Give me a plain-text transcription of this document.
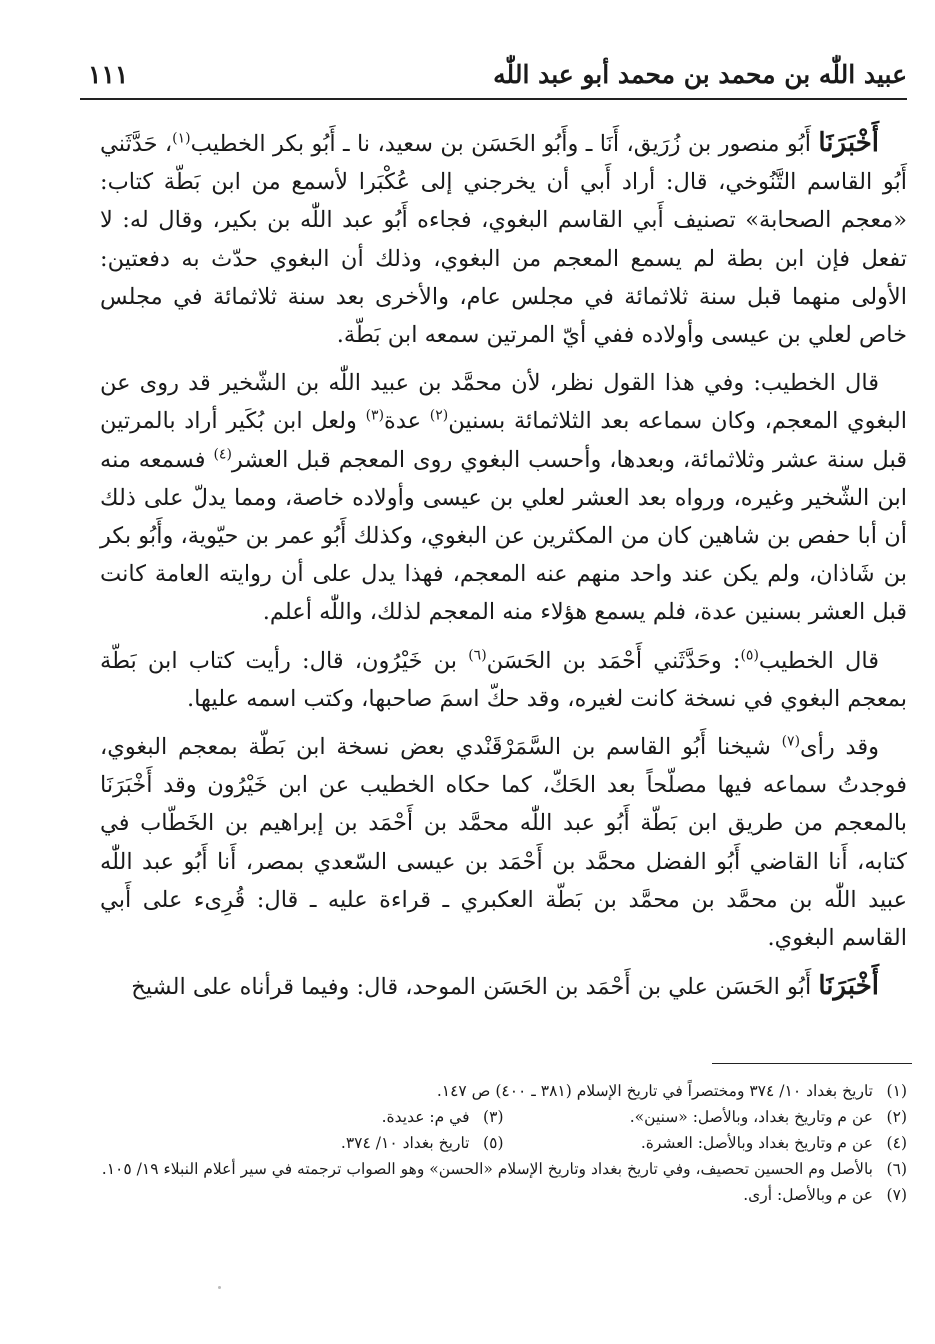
عبيد اللّٰه بن محمد بن محمد أبو عبد اللّٰه
١١١

أَخْبَرَنَا أَبُو منصور بن زُرَيق، أَنَا ـ وأَبُو الحَسَن بن سعيد، نا ـ أَبُو بكر الخطيب$^{(١)}$، حَدَّثَني أَبُو القاسم التَّنُوخي، قال: أراد أَبي أن يخرجني إلى عُكْبَرا لأسمع من ابن بَطّة كتاب: «معجم الصحابة» تصنيف أَبي القاسم البغوي، فجاءه أَبُو عبد اللّٰه بن بكير، وقال له: لا تفعل فإن ابن بطة لم يسمع المعجم من البغوي، وذلك أن البغوي حدّث به دفعتين: الأولى منهما قبل سنة ثلاثمائة في مجلس عام، والأخرى بعد سنة ثلاثمائة في مجلس خاص لعلي بن عيسى وأولاده ففي أيّ المرتين سمعه ابن بَطّة.

قال الخطيب: وفي هذا القول نظر، لأن محمَّد بن عبيد اللّٰه بن الشّخير قد روى عن البغوي المعجم، وكان سماعه بعد الثلاثمائة بسنين$^{(٢)}$ عدة$^{(٣)}$ ولعل ابن بُكَير أراد بالمرتين قبل سنة عشر وثلاثمائة، وبعدها، وأحسب البغوي روى المعجم قبل العشر$^{(٤)}$ فسمعه منه ابن الشّخير وغيره، ورواه بعد العشر لعلي بن عيسى وأولاده خاصة، ومما يدلّ على ذلك أن أبا حفص بن شاهين كان من المكثرين عن البغوي، وكذلك أَبُو عمر بن حيّوية، وأَبُو بكر بن شَاذان، ولم يكن عند واحد منهم عنه المعجم، فهذا يدل على أن روايته العامة كانت قبل العشر بسنين عدة، فلم يسمع هؤلاء منه المعجم لذلك، واللّٰه أعلم.

قال الخطيب$^{(٥)}$: وحَدَّثَني أَحْمَد بن الحَسَن$^{(٦)}$ بن خَيْرُون، قال: رأيت كتاب ابن بَطّة بمعجم البغوي في نسخة كانت لغيره، وقد حكّ اسمَ صاحبها، وكتب اسمه عليها.

وقد رأى$^{(٧)}$ شيخنا أَبُو القاسم بن السَّمَرْقَنْدي بعض نسخة ابن بَطّة بمعجم البغوي، فوجدتُ سماعه فيها مصلّحاً بعد الحَكّ، كما حكاه الخطيب عن ابن خَيْرُون وقد أَخْبَرَنَا بالمعجم من طريق ابن بَطّة أَبُو عبد اللّٰه محمَّد بن أَحْمَد بن إبراهيم بن الخَطّاب في كتابه، أَنا القاضي أَبُو الفضل محمَّد بن أَحْمَد بن عيسى السّعدي بمصر، أَنا أَبُو عبد اللّٰه عبيد اللّٰه بن محمَّد بن محمَّد بن بَطّة العكبري ـ قراءة عليه ـ قال: قُرِىء على أَبي القاسم البغوي.

أَخْبَرَنَا أَبُو الحَسَن علي بن أَحْمَد بن الحَسَن الموحد، قال: وفيما قرأناه على الشيخ

(١)
تاريخ بغداد ١٠/ ٣٧٤ ومختصراً في تاريخ الإسلام (٣٨١ ـ ٤٠٠) ص ١٤٧.
(٢)
عن م وتاريخ بغداد، وبالأصل: «سنين».
(٣)
في م: عديدة.
(٤)
عن م وتاريخ بغداد وبالأصل: العشرة.
(٥)
تاريخ بغداد ١٠/ ٣٧٤.
(٦)
بالأصل وم الحسين تحصيف، وفي تاريخ بغداد وتاريخ الإسلام «الحسن» وهو الصواب ترجمته في سير أعلام النبلاء ١٩/ ١٠٥.
(٧)
عن م وبالأصل: أرى.
